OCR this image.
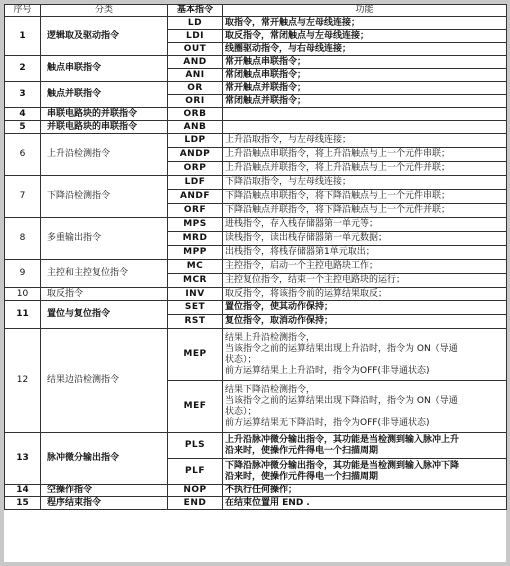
序号	分类	基本指令	功能
1	逻辑取及驱动指令	LD	取指令，常开触点与左母线连接；
		LDI	取反指令，常闭触点与左母线连接；
		OUT	线圈驱动指令，与右母线连接；
2	触点串联指令	AND	常开触点串联指令；
		ANI	常闭触点串联指令；
3	触点并联指令	OR	常开触点并联指令；
		ORI	常闭触点并联指令；
4	串联电路块的并联指令	ORB	
5	并联电路块的串联指令	ANB	
6	上升沿检测指令	LDP	上升沿取指令，与左母线连接；
		ANDP	上升沿触点串联指令，将上升沿触点与上一个元件串联；
		ORP	上升沿触点并联指令，将上升沿触点与上一个元件并联；
7	下降沿检测指令	LDF	下降沿取指令，与左母线连接；
		ANDF	下降沿触点串联指令，将下降沿触点与上一个元件串联；
		ORF	下降沿触点并联指令，将下降沿触点与上一个元件并联；
8	多重输出指令	MPS	进栈指令，存入栈存储器第一单元等；
		MRD	读栈指令，读出栈存储器第一单元数据；
		MPP	出栈指令，将栈存储器第1单元取出；
9	主控和主控复位指令	MC	主控指令，启动一个主控电路块工作；
		MCR	主控复位指令，结束一个主控电路块的运行；
10	取反指令	INV	取反指令，将该指令前的运算结果取反；
11	置位与复位指令	SET	置位指令，使其动作保持；
		RST	复位指令，取消动作保持；
12	结果边沿检测指令	MEP	结果上升沿检测指令，
当该指令之前的运算结果出现上升沿时，指令为 ON（导通
状态）；
前方运算结果上上升沿时，指令为OFF(非导通状态)

		MEF	结果下降沿检测指令，
当该指令之前的运算结果出现下降沿时，指令为 ON（导通
状态）；
前方运算结果无下降沿时，指令为OFF(非导通状态)

13	脉冲微分输出指令	PLS	上升沿脉冲微分输出指令，其功能是当检测到输入脉冲上升
沿来时，使操作元件得电一个扫描周期

		PLF	下降沿脉冲微分输出指令，其功能是当检测到输入脉冲下降
沿来时，使操作元件得电一个扫描周期

14	空操作指令	NOP	不执行任何操作；
15	程序结束指令	END	在结束位置用 END .
